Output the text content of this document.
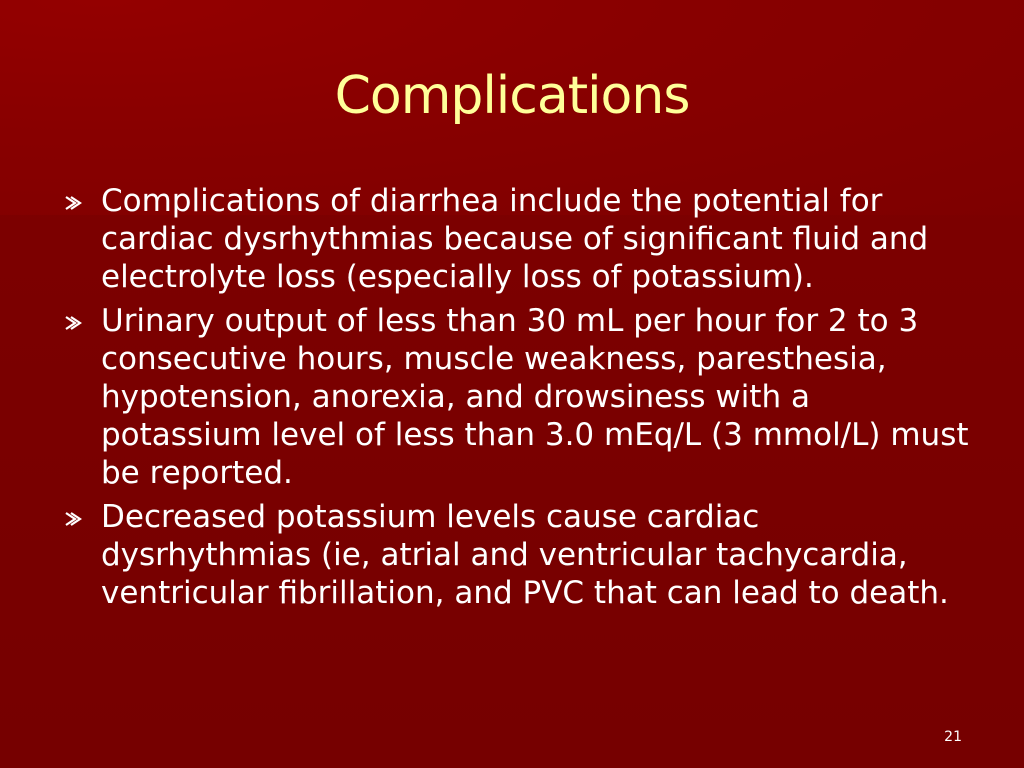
Complications
Complications of diarrhea include the potential for cardiac dysrhythmias because of significant fluid and electrolyte loss (especially loss of potassium).
Urinary output of less than 30 mL per hour for 2 to 3 consecutive hours, muscle weakness, paresthesia, hypotension, anorexia, and drowsiness with a potassium level of less than 3.0 mEq/L (3 mmol/L) must be reported.
Decreased potassium levels cause cardiac dysrhythmias (ie, atrial and ventricular tachycardia, ventricular fibrillation, and PVC that can lead to death.
21
